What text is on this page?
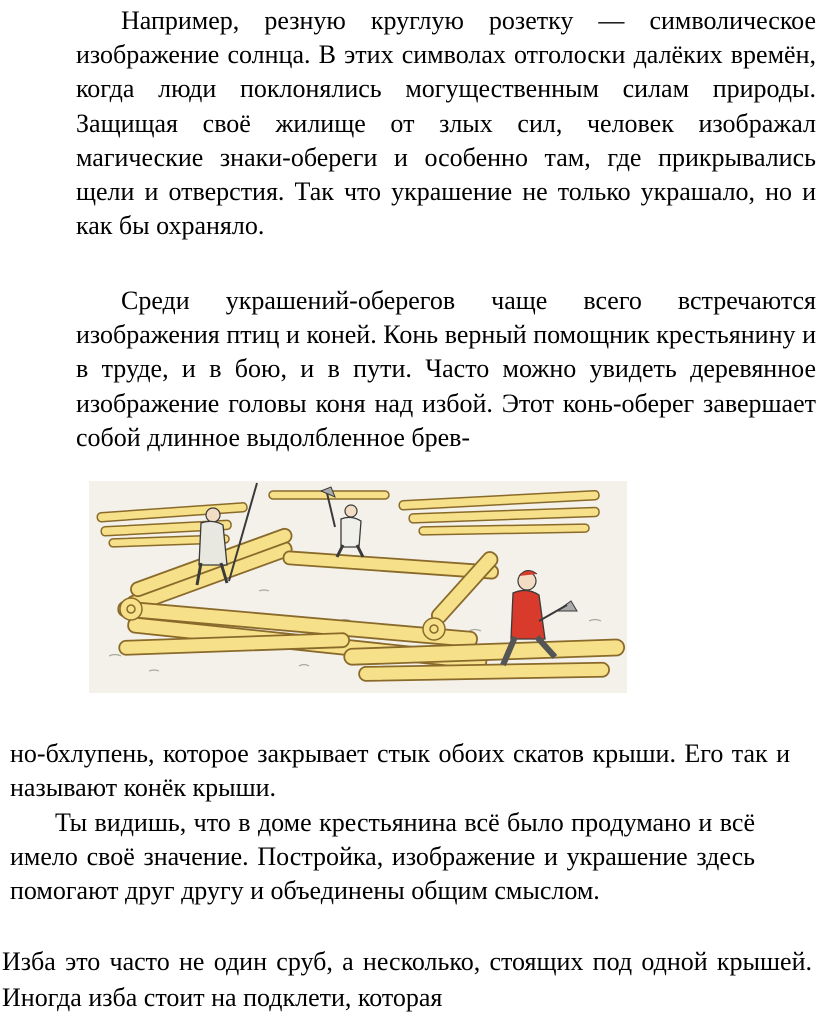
Например, резную круглую розетку — символическое изображение солнца. В этих символах отголоски далёких времён, когда люди поклонялись могущественным силам природы. Защищая своё жилище от злых сил, человек изображал магические знаки-обереги и особенно там, где прикрывались щели и отверстия. Так что украшение не только украшало, но и как бы охраняло.

Среди украшений-оберегов чаще всего встречаются изображения птиц и коней. Конь верный помощник крестьянину и в труде, и в бою, и в пути. Часто можно увидеть деревянное изображение головы коня над избой. Этот конь-оберег завершает собой длинное выдолбленное брев-

но-бхлупень, которое закрывает стык обоих скатов крыши. Его так и называют конёк крыши.

Ты видишь, что в доме крестьянина всё было продумано и всё имело своё значение. Постройка, изображение и украшение здесь помогают друг другу и объединены общим смыслом.

Изба это часто не один сруб, а несколько, стоящих под одной крышей. Иногда изба стоит на подклети, которая
